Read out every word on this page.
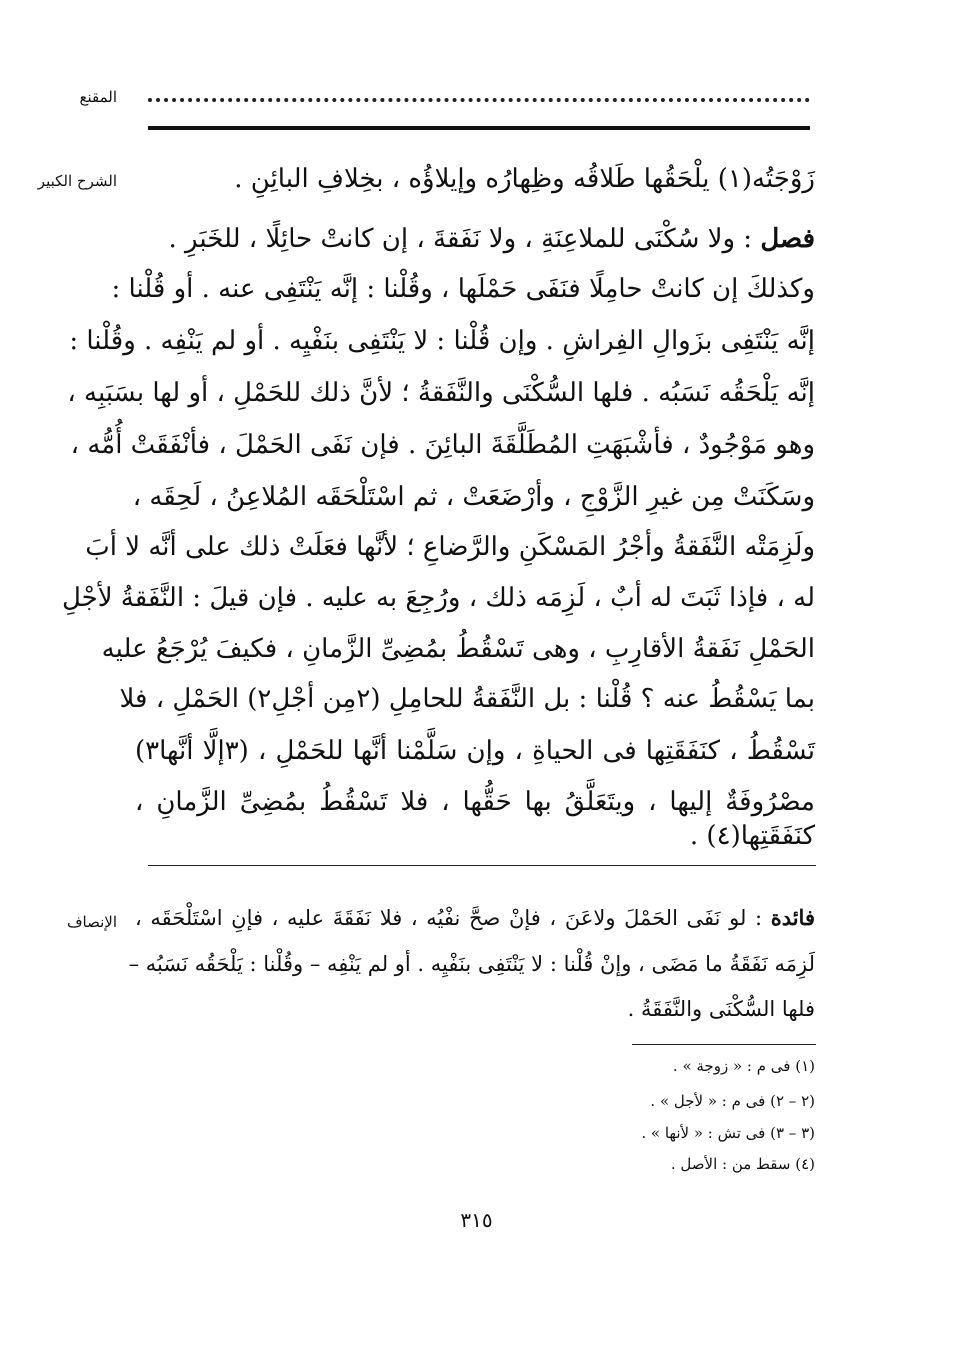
المقنع
الشرح الكبير	زَوْجَتُه(١) يلْحَقُها طَلاقُه وظِهارُه وإيلاؤُه ، بخِلافِ البائِنِ .
فصل : ولا سُكْنَى للملاعِنَةِ ، ولا نَفَقةَ ، إن كانتْ حائِلًا ، للخَبَرِ .
وكذلكَ إن كانتْ حامِلًا فنَفَى حَمْلَها ، وقُلْنا : إنَّه يَنْتَفِى عنه . أو قُلْنا :
إنَّه يَنْتَفِى بزَوالِ الفِراشِ . وإن قُلْنا : لا يَنْتَفِى بنَفْيِه . أو لم يَنْفِه . وقُلْنا :
إنَّه يَلْحَقُه نَسَبُه . فلها السُّكْنَى والنَّفَقةُ ؛ لأنَّ ذلك للحَمْلِ ، أو لها بسَبَبِه ،
وهو مَوْجُودٌ ، فأشْبَهَتِ المُطَلَّقَةَ البائِنَ . فإن نَفَى الحَمْلَ ، فأنْفَقَتْ أُمُّه ،
وسَكَنَتْ مِن غيرِ الزَّوْجِ ، وأرْضَعَتْ ، ثم اسْتَلْحَقَه المُلاعِنُ ، لَحِقَه ،
ولَزِمَتْه النَّفَقةُ وأجْرُ المَسْكَنِ والرَّضاعِ ؛ لأنَّها فعَلَتْ ذلك على أنَّه لا أبَ
له ، فإذا ثَبَتَ له أبٌ ، لَزِمَه ذلك ، ورُجِعَ به عليه . فإن قيلَ : النَّفَقةُ لأجْلِ
الحَمْلِ نَفَقةُ الأقارِبِ ، وهى تَسْقُطُ بمُضِىِّ الزَّمانِ ، فكيفَ يُرْجَعُ عليه
بما يَسْقُطُ عنه ؟ قُلْنا : بل النَّفَقةُ للحامِلِ (٢مِن أجْلِ٢) الحَمْلِ ، فلا
تَسْقُطُ ، كنَفَقَتِها فى الحياةِ ، وإن سَلَّمْنا أنَّها للحَمْلِ ، (٣إلَّا أنَّها٣)
مصْرُوفَةٌ إليها ، ويتَعَلَّقُ بها حَقُّها ، فلا تَسْقُطُ بمُضِىِّ الزَّمانِ ،
كنَفَقَتِها(٤) .
الإنصاف	فائدة : لو نَفَى الحَمْلَ ولاعَنَ ، فإنْ صحَّ نفْيُه ، فلا نَفَقَةَ عليه ، فإنِ اسْتَلْحَقَه ،
لَزِمَه نَفَقَةُ ما مَضَى ، وإنْ قُلْنا : لا يَنْتَفِى بنَفْيِه . أو لم يَنْفِه – وقُلْنا : يَلْحَقُه نَسَبُه –
فلها السُّكْنَى والنَّفَقَةُ .
(١) فى م : « زوجة » .
(٢ – ٢) فى م : « لأجل » .
(٣ – ٣) فى تش : « لأنها » .
(٤) سقط من : الأصل .
٣١٥
